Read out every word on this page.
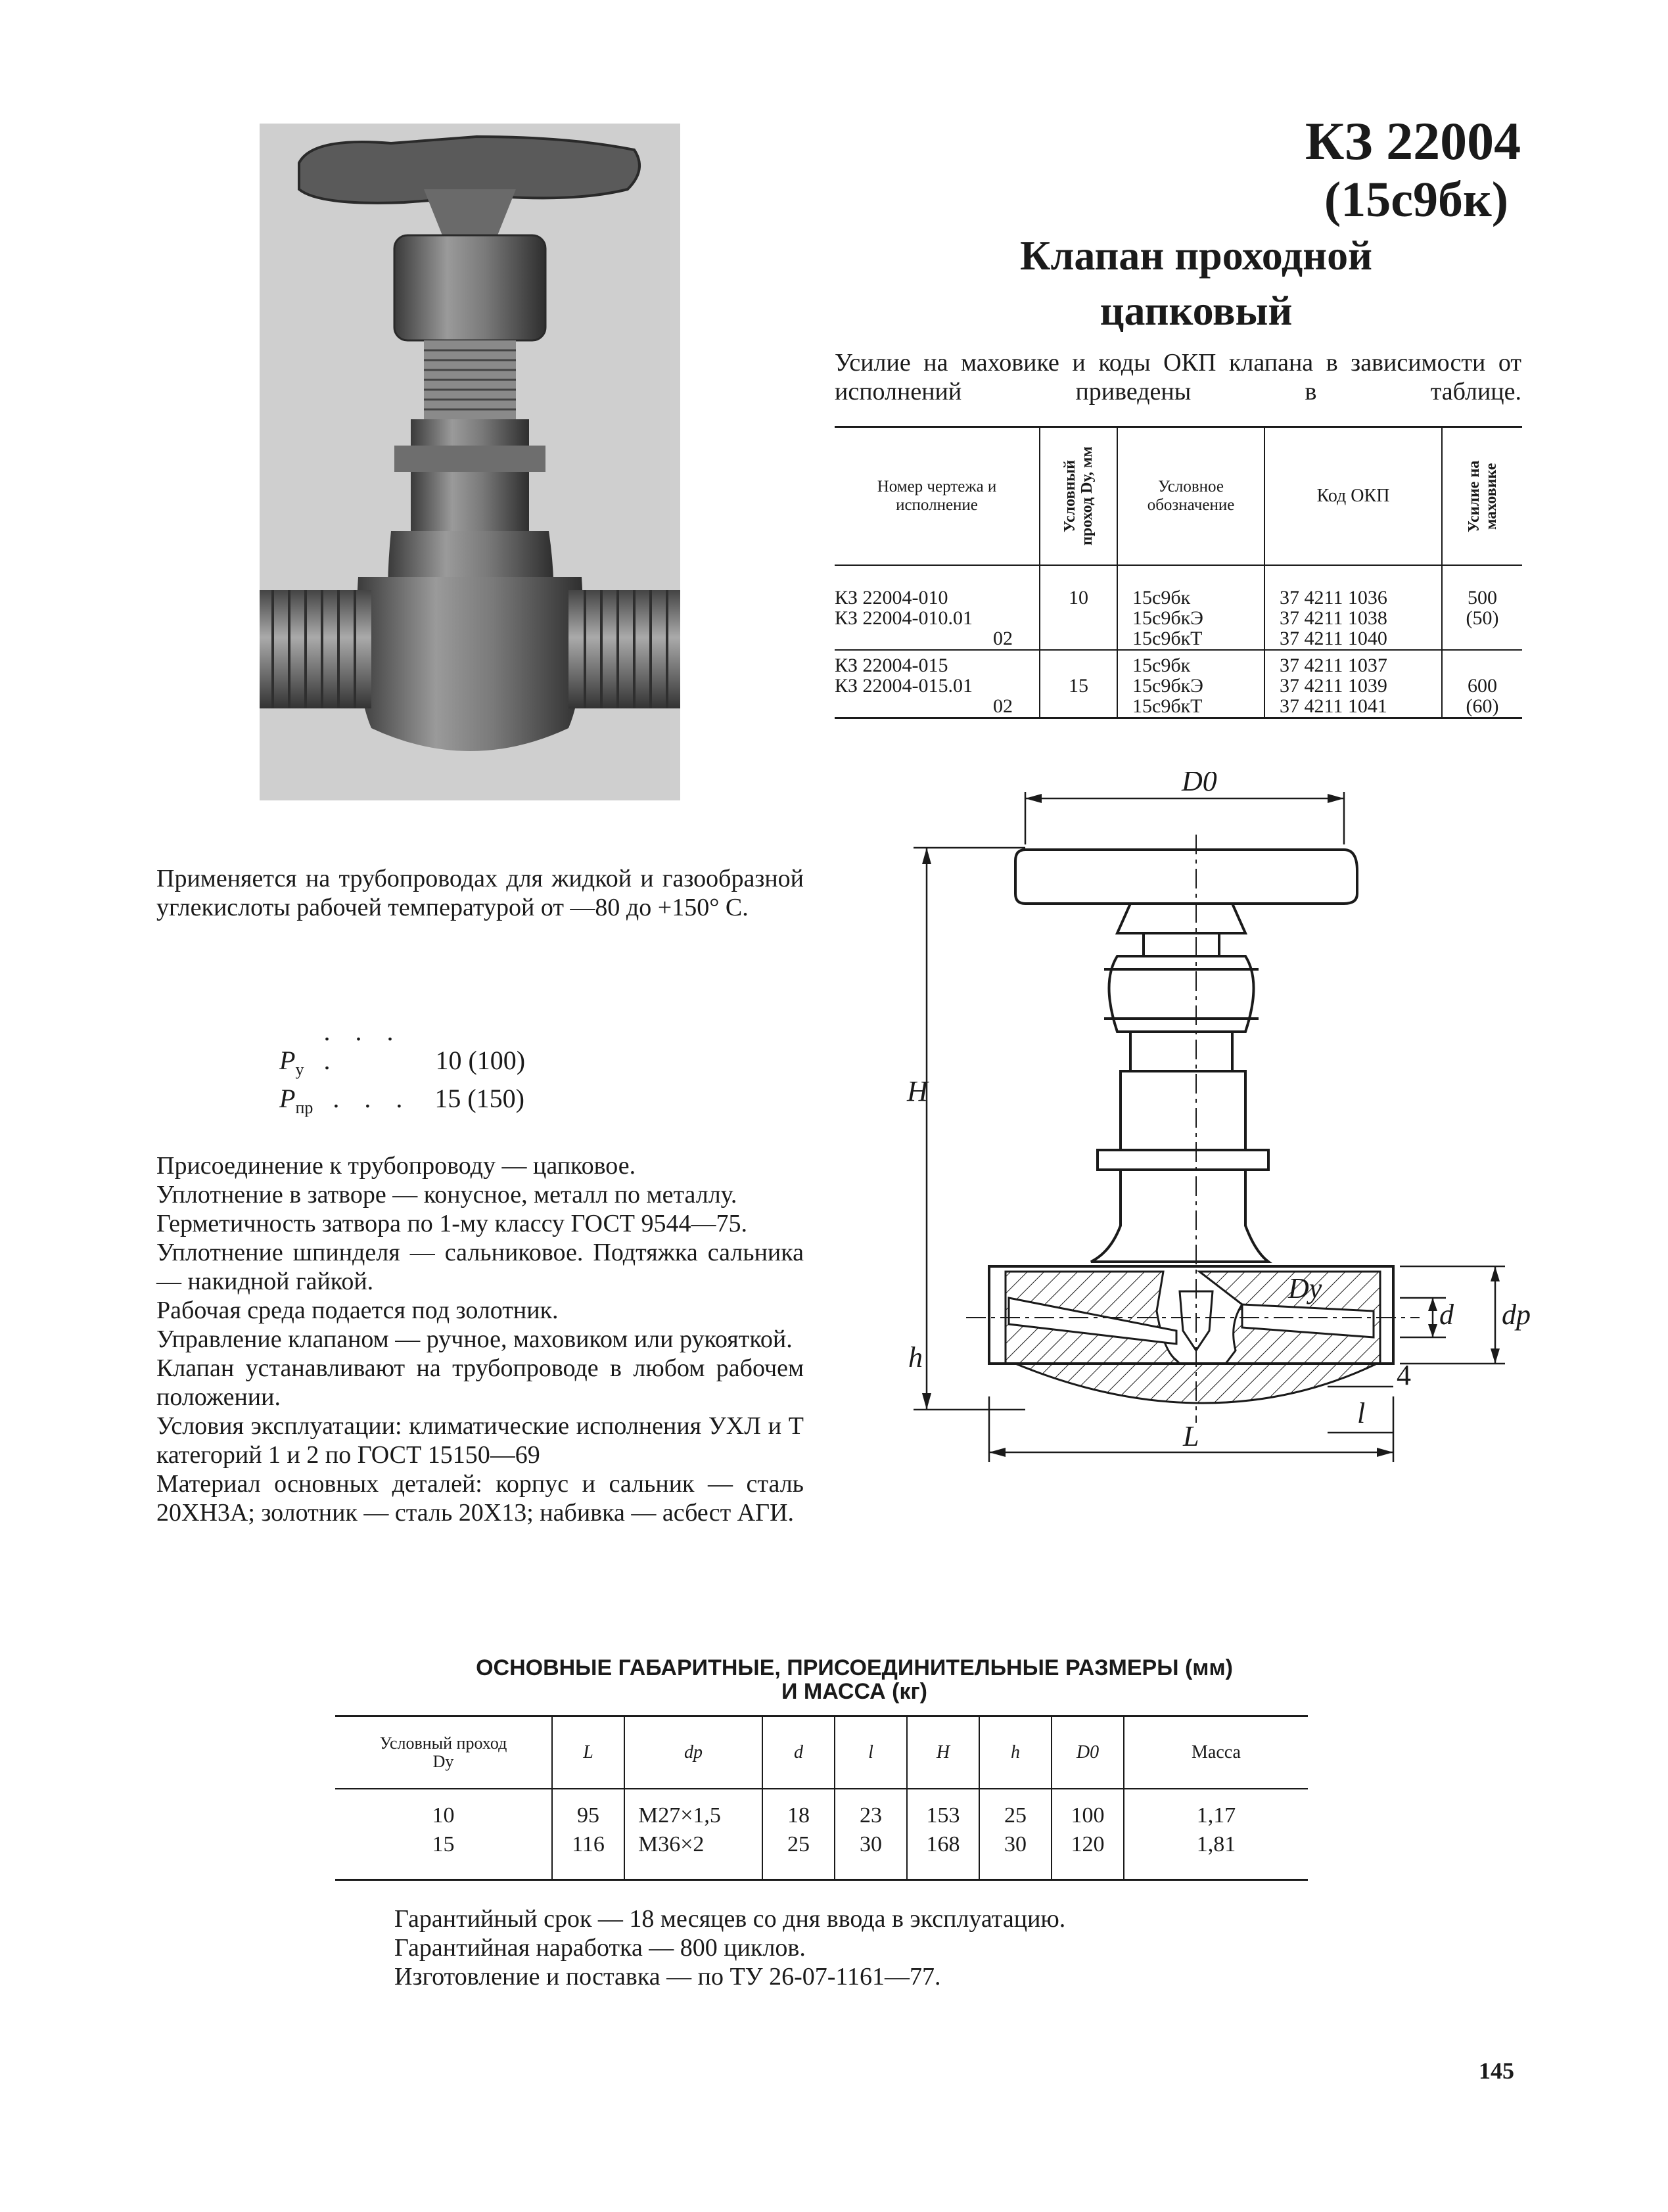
КЗ 22004
(15с9бк)
Клапан проходной
цапковый
Усилие на маховике и коды ОКП клапана в зависимости от исполнений приведены в таблице.
Номер чертежа и исполнение	Условный проход Dу, мм	Условное обозначение	Код ОКП	Усилие на маховике

КЗ 22004-010	10	15с9бк	37 4211 1036	500
КЗ 22004-010.01		15с9бкЭ	37 4211 1038	(50)
02		15с9бкТ	37 4211 1040	
КЗ 22004-015		15с9бк	37 4211 1037	
КЗ 22004-015.01	15	15с9бкЭ	37 4211 1039	600
02		15с9бкТ	37 4211 1041	(60)
Применяется на трубопроводах для жидкой и газообразной углекислоты рабочей температурой от —80 до +150° С.
$P_у$ . . . .	10 (100)
$P_{пр}$ . . . 15 (150)

Присоединение к трубопроводу — цапковое.

Уплотнение в затворе — конусное, металл по металлу.

Герметичность затвора по 1-му классу ГОСТ 9544—75.

Уплотнение шпинделя — сальниковое. Подтяжка сальника — накидной гайкой.

Рабочая среда подается под золотник.

Управление клапаном — ручное, маховиком или рукояткой.

Клапан устанавливают на трубопроводе в любом рабочем положении.

Условия эксплуатации: климатические исполнения УХЛ и Т категорий 1 и 2 по ГОСТ 15150—69

Материал основных деталей: корпус и сальник — сталь 20ХН3А; золотник — сталь 20Х13; набивка — асбест АГИ.

D0
H
h
L
l
d dр
Dу
4
ОСНОВНЫЕ ГАБАРИТНЫЕ, ПРИСОЕДИНИТЕЛЬНЫЕ РАЗМЕРЫ (мм)
И МАССА (кг)
Условный проход Dу	L	dр	d	l	H	h	D0	Масса
10	95	М27×1,5	18	23	153	25	100	1,17
15	116	М36×2	25	30	168	30	120	1,81
Гарантийный срок — 18 месяцев со дня ввода в эксплуатацию.
Гарантийная наработка — 800 циклов.
Изготовление и поставка — по ТУ 26-07-1161—77.
145
